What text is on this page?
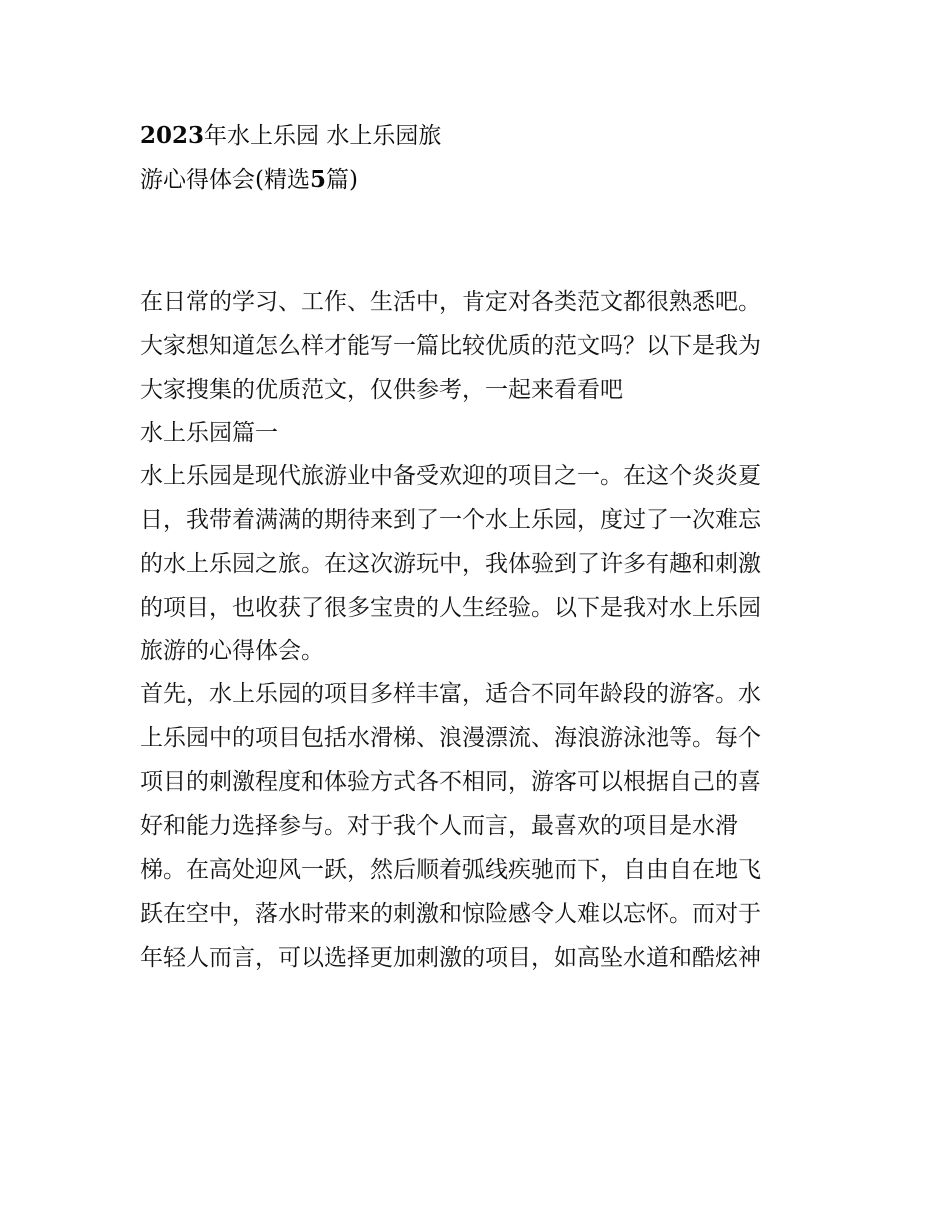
2023年水上乐园 水上乐园旅
游心得体会(精选5篇)
在日常的学习、工作、生活中，肯定对各类范文都很熟悉吧。
大家想知道怎么样才能写一篇比较优质的范文吗？以下是我为
大家搜集的优质范文，仅供参考，一起来看看吧
水上乐园篇一
水上乐园是现代旅游业中备受欢迎的项目之一。在这个炎炎夏
日，我带着满满的期待来到了一个水上乐园，度过了一次难忘
的水上乐园之旅。在这次游玩中，我体验到了许多有趣和刺激
的项目，也收获了很多宝贵的人生经验。以下是我对水上乐园
旅游的心得体会。
首先，水上乐园的项目多样丰富，适合不同年龄段的游客。水
上乐园中的项目包括水滑梯、浪漫漂流、海浪游泳池等。每个
项目的刺激程度和体验方式各不相同，游客可以根据自己的喜
好和能力选择参与。对于我个人而言，最喜欢的项目是水滑
梯。在高处迎风一跃，然后顺着弧线疾驰而下，自由自在地飞
跃在空中，落水时带来的刺激和惊险感令人难以忘怀。而对于
年轻人而言，可以选择更加刺激的项目，如高坠水道和酷炫神
